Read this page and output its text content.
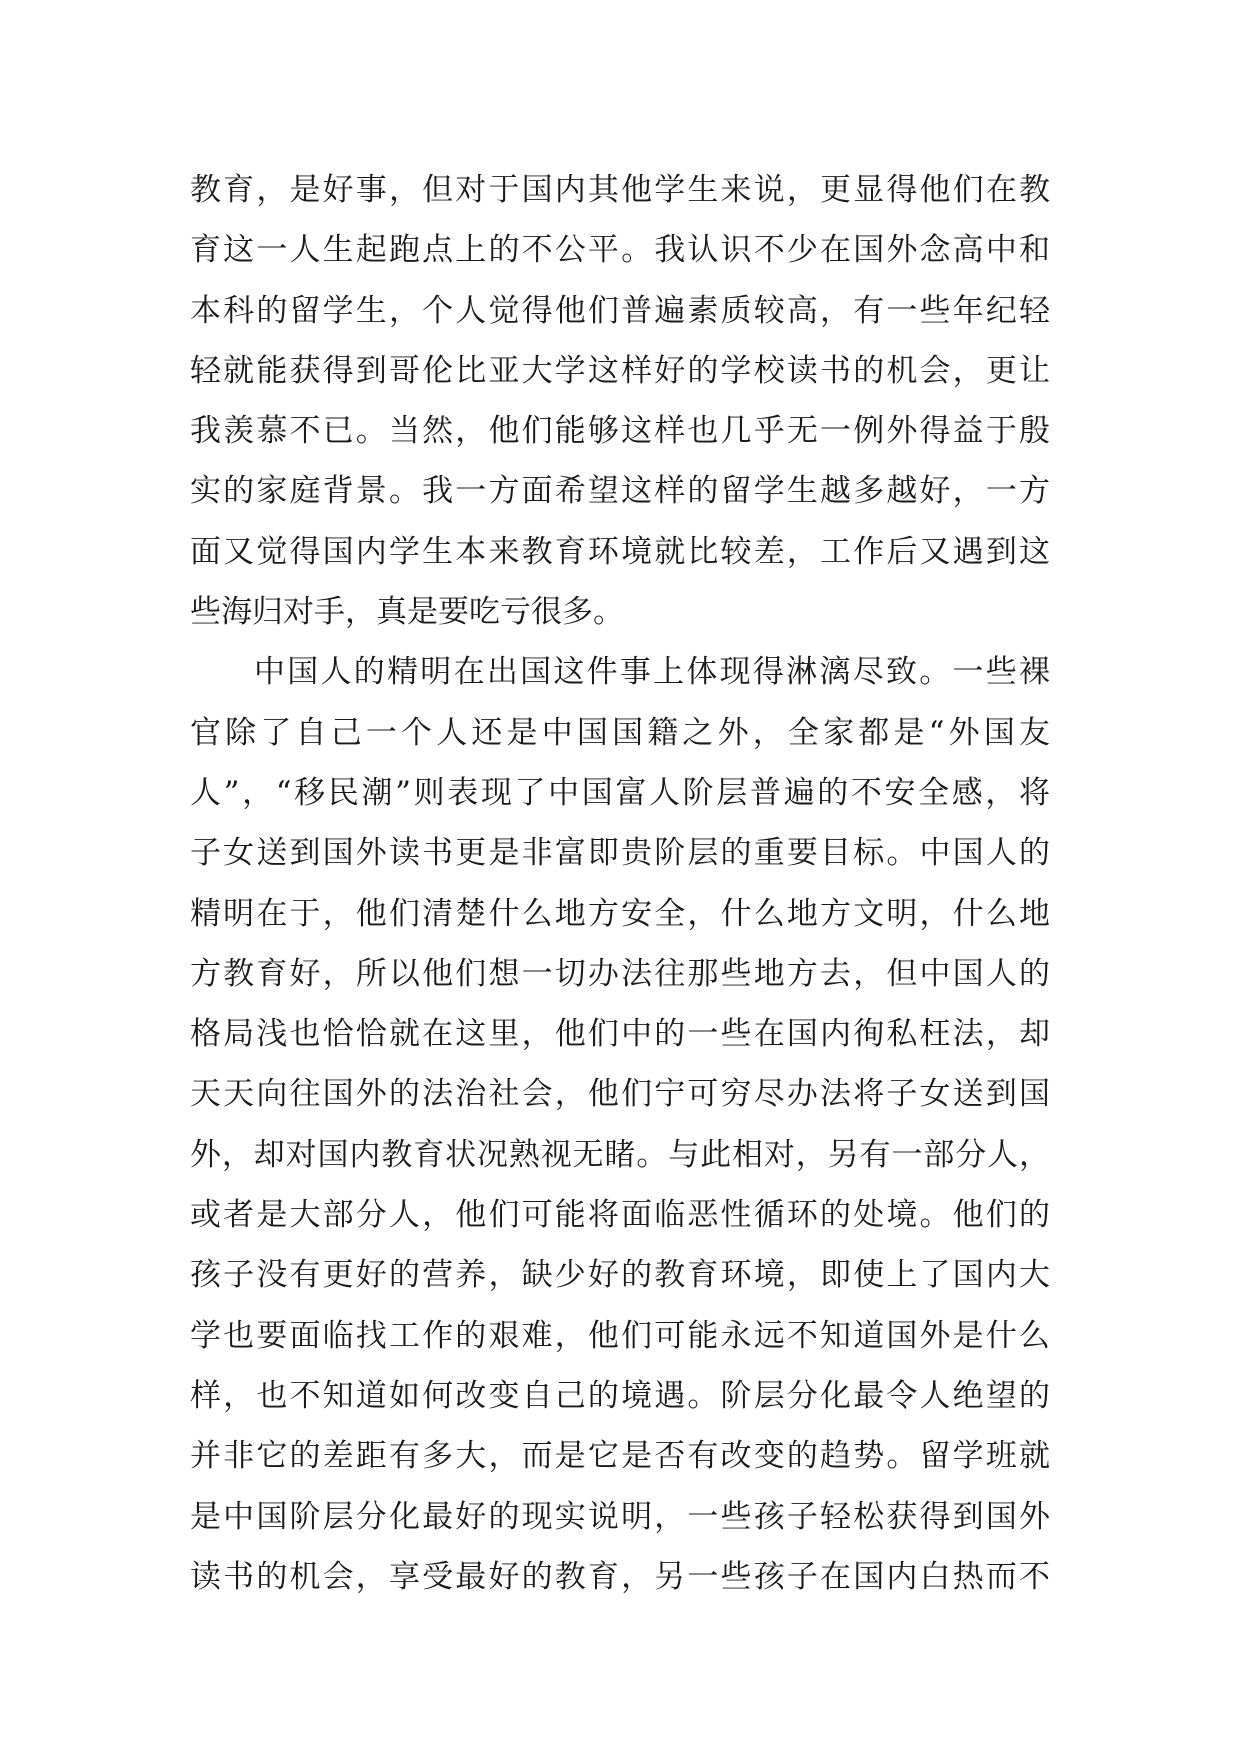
教育，是好事，但对于国内其他学生来说，更显得他们在教
育这一人生起跑点上的不公平。我认识不少在国外念高中和
本科的留学生，个人觉得他们普遍素质较高，有一些年纪轻
轻就能获得到哥伦比亚大学这样好的学校读书的机会，更让
我羡慕不已。当然，他们能够这样也几乎无一例外得益于殷
实的家庭背景。我一方面希望这样的留学生越多越好，一方
面又觉得国内学生本来教育环境就比较差，工作后又遇到这
些海归对手，真是要吃亏很多。
中国人的精明在出国这件事上体现得淋漓尽致。一些裸
官除了自己一个人还是中国国籍之外，全家都是“外国友
人”，“移民潮”则表现了中国富人阶层普遍的不安全感，将
子女送到国外读书更是非富即贵阶层的重要目标。中国人的
精明在于，他们清楚什么地方安全，什么地方文明，什么地
方教育好，所以他们想一切办法往那些地方去，但中国人的
格局浅也恰恰就在这里，他们中的一些在国内徇私枉法，却
天天向往国外的法治社会，他们宁可穷尽办法将子女送到国
外，却对国内教育状况熟视无睹。与此相对，另有一部分人，
或者是大部分人，他们可能将面临恶性循环的处境。他们的
孩子没有更好的营养，缺少好的教育环境，即使上了国内大
学也要面临找工作的艰难，他们可能永远不知道国外是什么
样，也不知道如何改变自己的境遇。阶层分化最令人绝望的
并非它的差距有多大，而是它是否有改变的趋势。留学班就
是中国阶层分化最好的现实说明，一些孩子轻松获得到国外
读书的机会，享受最好的教育，另一些孩子在国内白热而不
